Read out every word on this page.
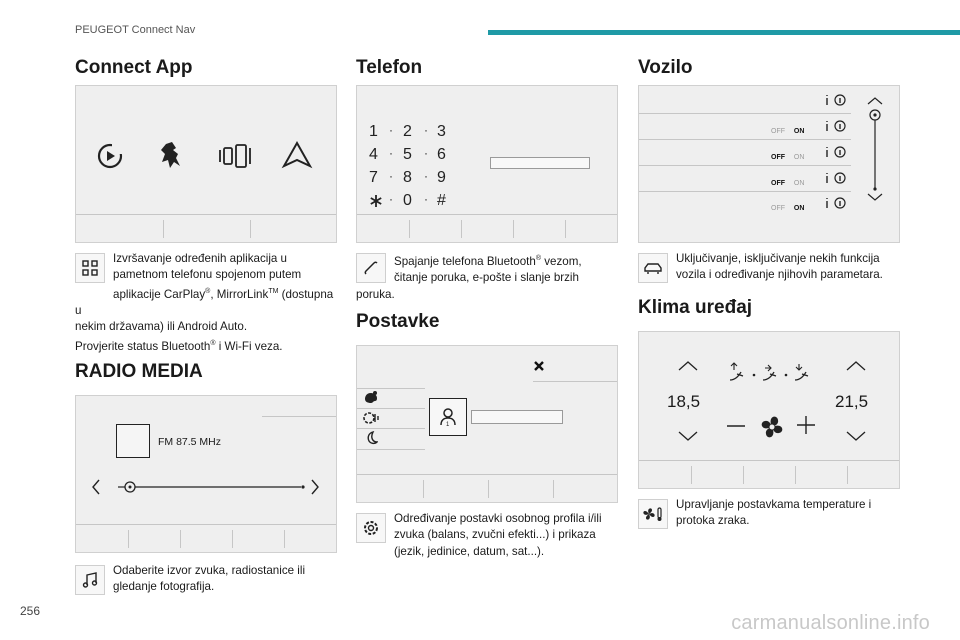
PEUGEOT Connect Nav
256
carmanualsonline.info
Connect App
Izvršavanje određenih aplikacija u
pametnom telefonu spojenom putem
aplikacije CarPlay®, MirrorLink™ (dostupna u
nekim državama) ili Android Auto.
Provjerite status Bluetooth® i Wi-Fi veza.
RADIO MEDIA
FM 87.5 MHz
Odaberite izvor zvuka, radiostanice ili
gledanje fotografija.
Telefon
1 · 2 · 3
4 · 5 · 6
7 · 8 · 9
· 0 · #
Spajanje telefona Bluetooth® vezom,
čitanje poruka, e-pošte i slanje brzih
poruka.
Postavke
1
Određivanje postavki osobnog profila i/ili
zvuka (balans, zvučni efekti...) i prikaza
(jezik, jedinice, datum, sat...).
Vozilo
OFF ON
OFF ON
OFF ON
OFF ON
Uključivanje, isključivanje nekih funkcija
vozila i određivanje njihovih parametara.
Klima uređaj
18,5	21,5
Upravljanje postavkama temperature i
protoka zraka.
